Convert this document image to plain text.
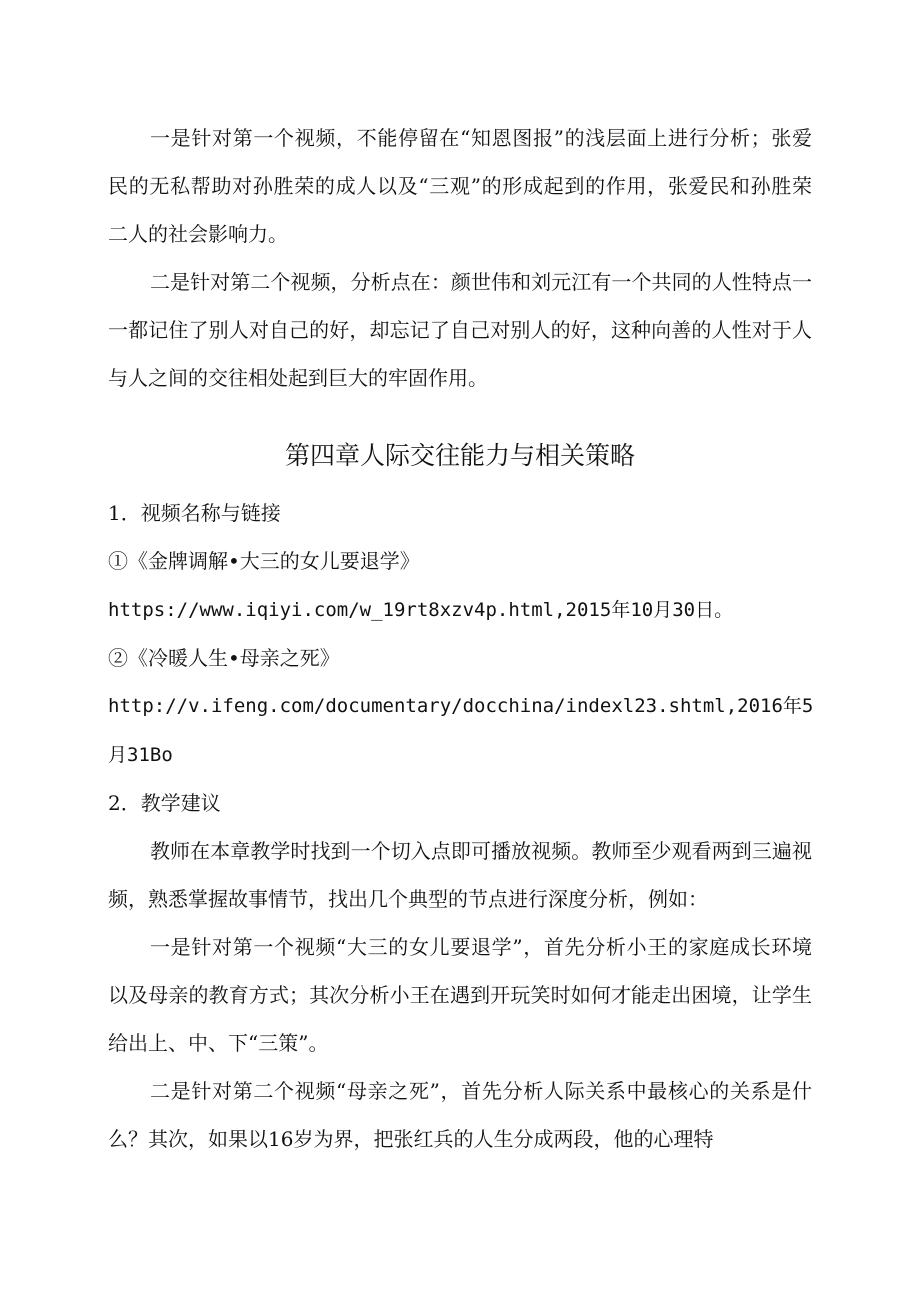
一是针对第一个视频，不能停留在“知恩图报”的浅层面上进行分析；张爱
民的无私帮助对孙胜荣的成人以及“三观”的形成起到的作用，张爱民和孙胜荣
二人的社会影响力。
二是针对第二个视频，分析点在：颜世伟和刘元江有一个共同的人性特点一
一都记住了别人对自己的好，却忘记了自己对别人的好，这种向善的人性对于人
与人之间的交往相处起到巨大的牢固作用。
第四章人际交往能力与相关策略
1．视频名称与链接
①《金牌调解•大三的女儿要退学》
https://www.iqiyi.com/w_19rt8xzv4p.html,2015年10月30日。
②《冷暖人生•母亲之死》
http://v.ifeng.com/documentary/docchina/indexl23.shtml,2016年5
月31Bo
2．教学建议
教师在本章教学时找到一个切入点即可播放视频。教师至少观看两到三遍视
频，熟悉掌握故事情节，找出几个典型的节点进行深度分析，例如：
一是针对第一个视频“大三的女儿要退学”，首先分析小王的家庭成长环境
以及母亲的教育方式；其次分析小王在遇到开玩笑时如何才能走出困境，让学生
给出上、中、下“三策”。
二是针对第二个视频“母亲之死”，首先分析人际关系中最核心的关系是什
么？其次，如果以16岁为界，把张红兵的人生分成两段，他的心理特
